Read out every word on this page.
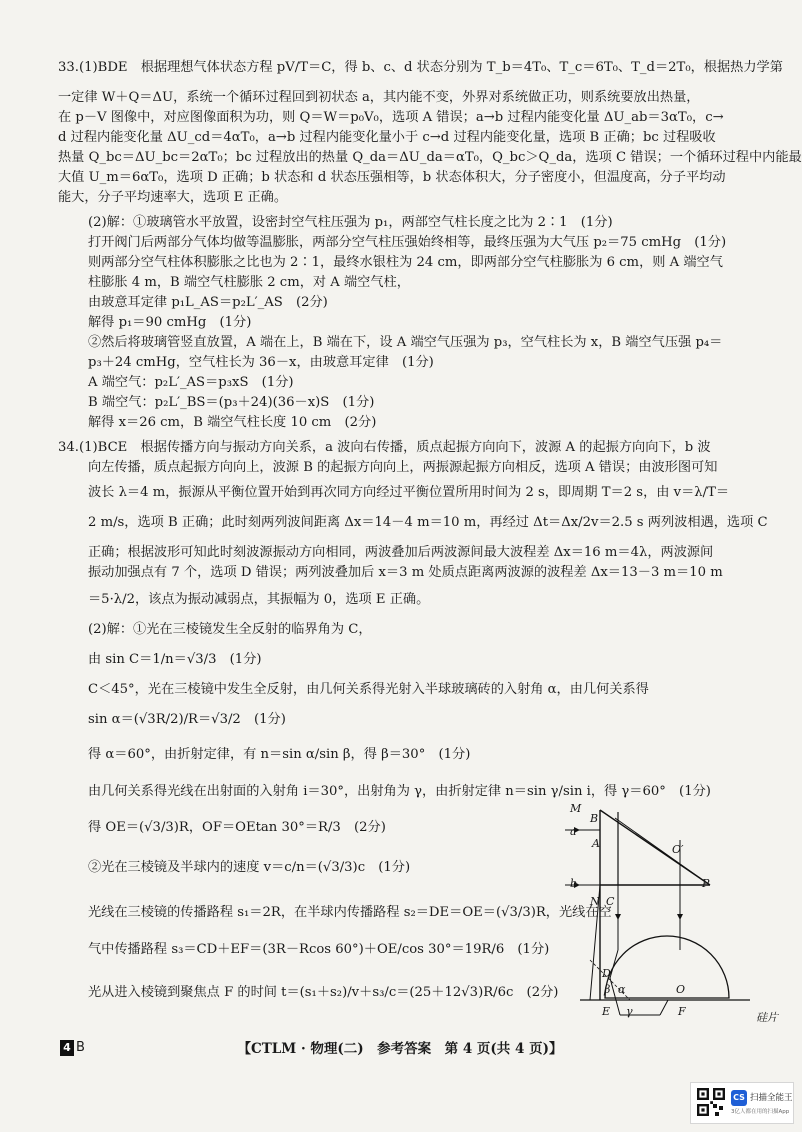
33.(1)BDE　根据理想气体状态方程 pV/T＝C，得 b、c、d 状态分别为 T_b＝4T₀、T_c＝6T₀、T_d＝2T₀，根据热力学第
一定律 W＋Q＝ΔU，系统一个循环过程回到初状态 a，其内能不变，外界对系统做正功，则系统要放出热量，
在 p－V 图像中，对应图像面积为功，则 Q＝W＝p₀V₀，选项 A 错误；a→b 过程内能变化量 ΔU_ab＝3αT₀，c→
d 过程内能变化量 ΔU_cd＝4αT₀，a→b 过程内能变化量小于 c→d 过程内能变化量，选项 B 正确；bc 过程吸收
热量 Q_bc＝ΔU_bc＝2αT₀；bc 过程放出的热量 Q_da＝ΔU_da＝αT₀，Q_bc＞Q_da，选项 C 错误；一个循环过程中内能最
大值 U_m＝6αT₀，选项 D 正确；b 状态和 d 状态压强相等，b 状态体积大，分子密度小，但温度高，分子平均动
能大，分子平均速率大，选项 E 正确。
(2)解：①玻璃管水平放置，设密封空气柱压强为 p₁，两部空气柱长度之比为 2∶1　(1分)
打开阀门后两部分气体均做等温膨胀，两部分空气柱压强始终相等，最终压强为大气压 p₂＝75 cmHg　(1分)
则两部分空气柱体积膨胀之比也为 2∶1，最终水银柱为 24 cm，即两部分空气柱膨胀为 6 cm，则 A 端空气
柱膨胀 4 m，B 端空气柱膨胀 2 cm，对 A 端空气柱，
由玻意耳定律 p₁L_AS＝p₂L′_AS　(2分)
解得 p₁＝90 cmHg　(1分)
②然后将玻璃管竖直放置，A 端在上，B 端在下，设 A 端空气压强为 p₃，空气柱长为 x，B 端空气压强 p₄＝
p₃＋24 cmHg，空气柱长为 36－x，由玻意耳定律　(1分)
A 端空气：p₂L′_AS＝p₃xS　(1分)
B 端空气：p₂L′_BS＝(p₃＋24)(36－x)S　(1分)
解得 x＝26 cm，B 端空气柱长度 10 cm　(2分)
34.(1)BCE　根据传播方向与振动方向关系，a 波向右传播，质点起振方向向下，波源 A 的起振方向向下，b 波
向左传播，质点起振方向向上，波源 B 的起振方向向上，两振源起振方向相反，选项 A 错误；由波形图可知
波长 λ＝4 m，振源从平衡位置开始到再次同方向经过平衡位置所用时间为 2 s，即周期 T＝2 s，由 v＝λ/T＝
2 m/s，选项 B 正确；此时刻两列波间距离 Δx＝14－4 m＝10 m，再经过 Δt＝Δx/2v＝2.5 s 两列波相遇，选项 C
正确；根据波形可知此时刻波源振动方向相同，两波叠加后两波源间最大波程差 Δx＝16 m＝4λ，两波源间
振动加强点有 7 个，选项 D 错误；两列波叠加后 x＝3 m 处质点距离两波源的波程差 Δx＝13－3 m＝10 m
＝5·λ/2，该点为振动减弱点，其振幅为 0，选项 E 正确。
(2)解：①光在三棱镜发生全反射的临界角为 C，
由 sin C＝1/n＝√3/3　(1分)
C＜45°，光在三棱镜中发生全反射，由几何关系得光射入半球玻璃砖的入射角 α，由几何关系得
sin α＝(√3R/2)/R＝√3/2　(1分)
得 α＝60°，由折射定律，有 n＝sin α/sin β，得 β＝30°　(1分)
由几何关系得光线在出射面的入射角 i＝30°，出射角为 γ，由折射定律 n＝sin γ/sin i，得 γ＝60°　(1分)
得 OE＝(√3/3)R，OF＝OEtan 30°＝R/3　(2分)
②光在三棱镜及半球内的速度 v＝c/n＝(√3/3)c　(1分)
光线在三棱镜的传播路程 s₁＝2R，在半球内传播路程 s₂＝DE＝OE＝(√3/3)R，光线在空
气中传播路程 s₃＝CD＋EF＝(3R－Rcos 60°)＋OE/cos 30°＝19R/6　(1分)
光从进入棱镜到聚焦点 F 的时间 t＝(s₁＋s₂)/v＋s₃/c＝(25＋12√3)R/6c　(2分)
M
B
a
A	O′
b	P
N C
D
β α	O
E	F
γ	硅片
4 B	【CTLM · 物理(二)　参考答案　第 4 页(共 4 页)】
CS 扫描全能王
3亿人都在用的扫描App
